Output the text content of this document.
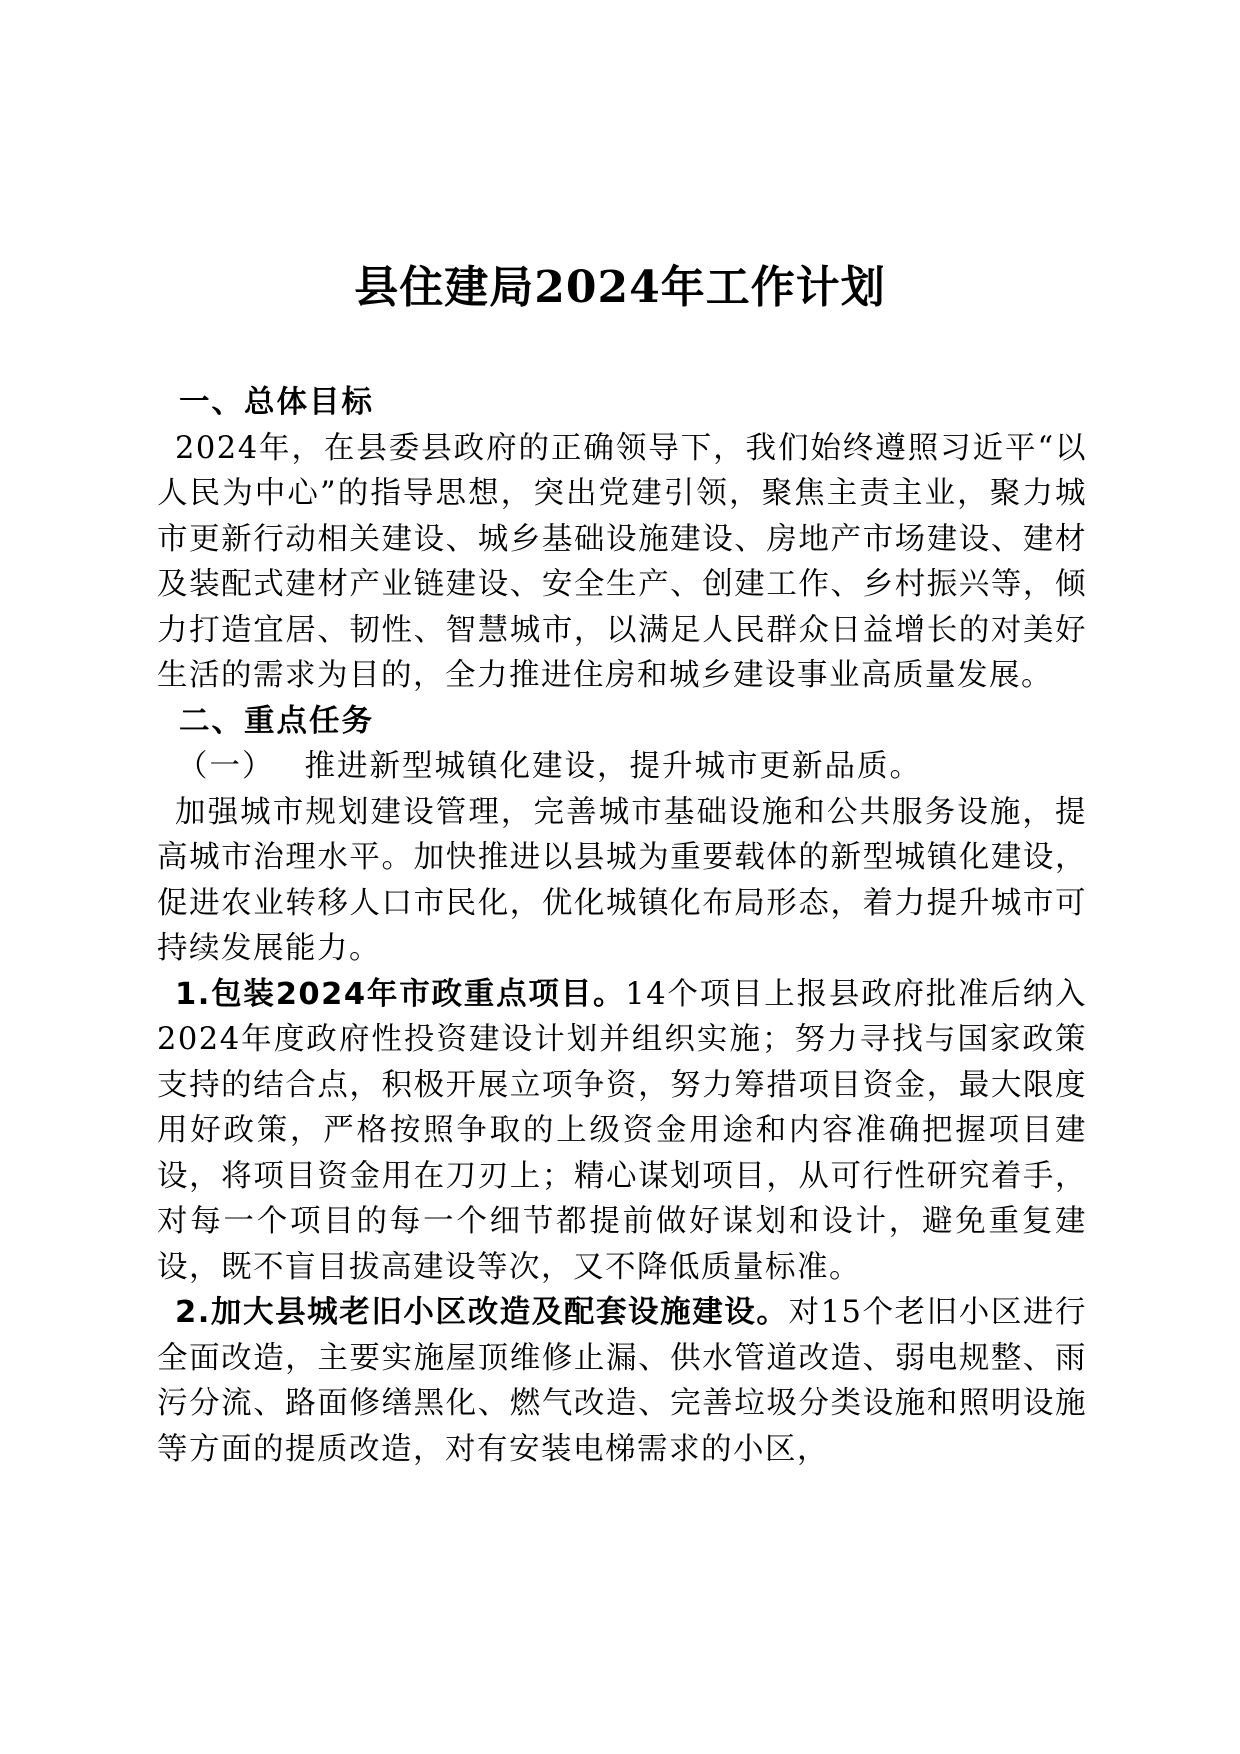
县住建局2024年工作计划

一、总体目标

2024年，在县委县政府的正确领导下，我们始终遵照习近平“以人民为中心”的指导思想，突出党建引领，聚焦主责主业，聚力城市更新行动相关建设、城乡基础设施建设、房地产市场建设、建材及装配式建材产业链建设、安全生产、创建工作、乡村振兴等，倾力打造宜居、韧性、智慧城市，以满足人民群众日益增长的对美好生活的需求为目的，全力推进住房和城乡建设事业高质量发展。

二、重点任务

（一） 推进新型城镇化建设，提升城市更新品质。

加强城市规划建设管理，完善城市基础设施和公共服务设施，提高城市治理水平。加快推进以县城为重要载体的新型城镇化建设，促进农业转移人口市民化，优化城镇化布局形态，着力提升城市可持续发展能力。

1.包装2024年市政重点项目。14个项目上报县政府批准后纳入2024年度政府性投资建设计划并组织实施；努力寻找与国家政策支持的结合点，积极开展立项争资，努力筹措项目资金，最大限度用好政策，严格按照争取的上级资金用途和内容准确把握项目建设，将项目资金用在刀刃上；精心谋划项目，从可行性研究着手，对每一个项目的每一个细节都提前做好谋划和设计，避免重复建设，既不盲目拔高建设等次，又不降低质量标准。

2.加大县城老旧小区改造及配套设施建设。对15个老旧小区进行全面改造，主要实施屋顶维修止漏、供水管道改造、弱电规整、雨污分流、路面修缮黑化、燃气改造、完善垃圾分类设施和照明设施等方面的提质改造，对有安装电梯需求的小区，
